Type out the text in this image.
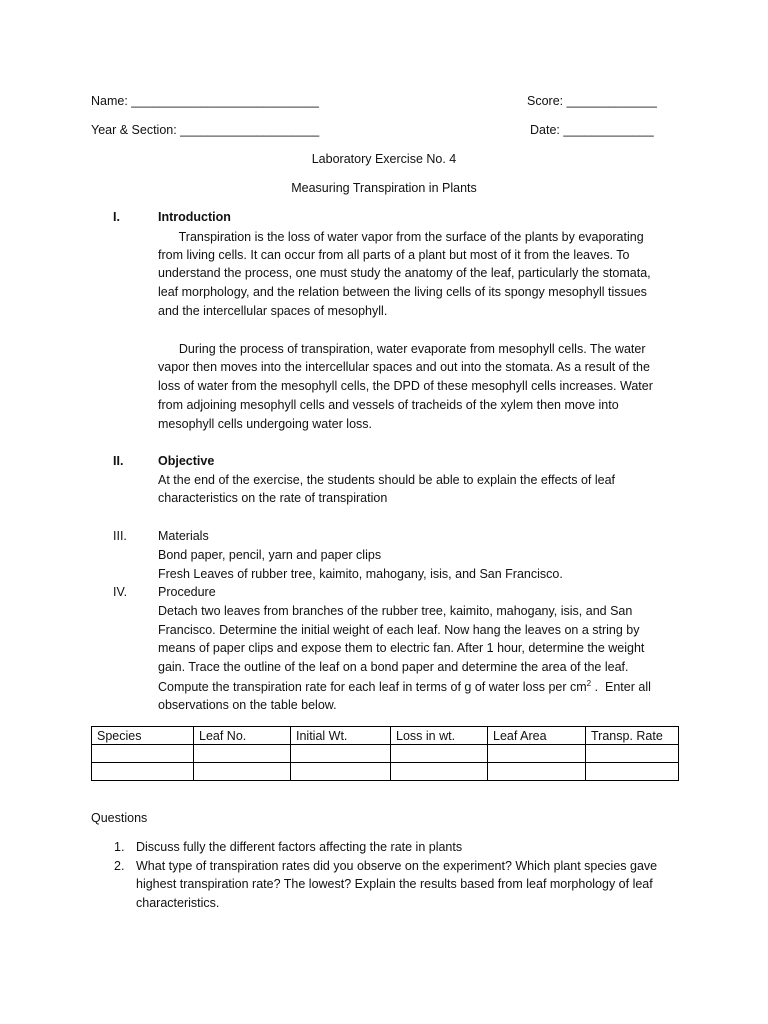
Name: ___________________________	Score: _____________
Year & Section: ____________________	Date: _____________
Laboratory Exercise No. 4
Measuring Transpiration in Plants
I.	Introduction
Transpiration is the loss of water vapor from the surface of the plants by evaporating
from living cells. It can occur from all parts of a plant but most of it from the leaves. To
understand the process, one must study the anatomy of the leaf, particularly the stomata,
leaf morphology, and the relation between the living cells of its spongy mesophyll tissues
and the intercellular spaces of mesophyll.
During the process of transpiration, water evaporate from mesophyll cells. The water
vapor then moves into the intercellular spaces and out into the stomata. As a result of the
loss of water from the mesophyll cells, the DPD of these mesophyll cells increases. Water
from adjoining mesophyll cells and vessels of tracheids of the xylem then move into
mesophyll cells undergoing water loss.
II.	Objective
At the end of the exercise, the students should be able to explain the effects of leaf
characteristics on the rate of transpiration
III. Materials
Bond paper, pencil, yarn and paper clips
Fresh Leaves of rubber tree, kaimito, mahogany, isis, and San Francisco.
IV. Procedure
Detach two leaves from branches of the rubber tree, kaimito, mahogany, isis, and San
Francisco. Determine the initial weight of each leaf. Now hang the leaves on a string by
means of paper clips and expose them to electric fan. After 1 hour, determine the weight
gain. Trace the outline of the leaf on a bond paper and determine the area of the leaf.
Compute the transpiration rate for each leaf in terms of g of water loss per $cm^2$ .  Enter all
observations on the table below.
Species	Leaf No.	Initial Wt.	Loss in wt.	Leaf Area	Transp. Rate

Questions
1. Discuss fully the different factors affecting the rate in plants
2. What type of transpiration rates did you observe on the experiment? Which plant species gave
highest transpiration rate? The lowest? Explain the results based from leaf morphology of leaf
characteristics.
